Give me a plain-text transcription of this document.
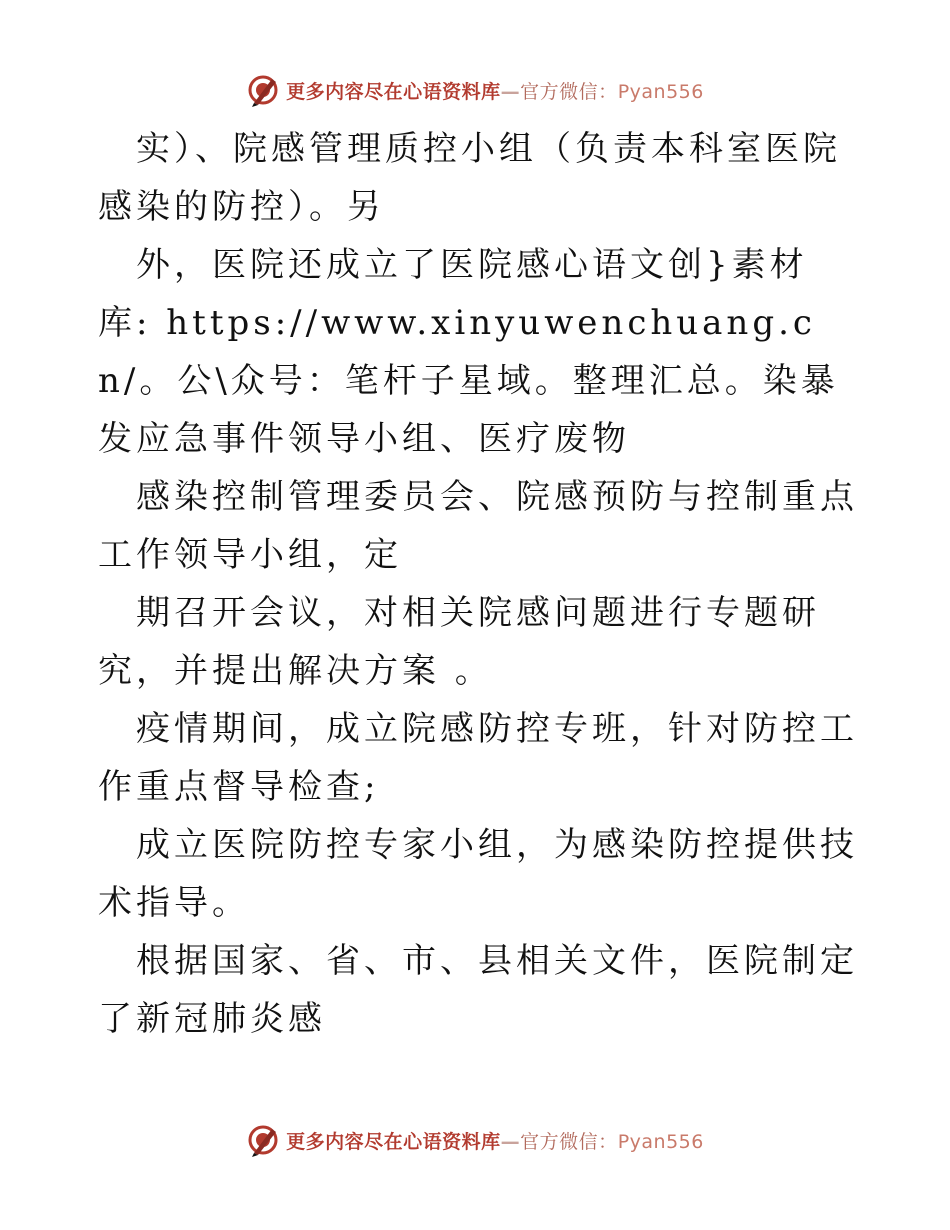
更多内容尽在心语资料库—官方微信：Pyan556

实）、院感管理质控小组（负责本科室医院感染的防控）。另

外，医院还成立了医院感心语文创}素材库: https://www.xinyuwenchuang.cn/。公\众号：笔杆子星域。整理汇总。染暴发应急事件领导小组、医疗废物

感染控制管理委员会、院感预防与控制重点工作领导小组，定

期召开会议，对相关院感问题进行专题研究，并提出解决方案 。

疫情期间，成立院感防控专班，针对防控工作重点督导检查;

成立医院防控专家小组，为感染防控提供技术指导。

根据国家、省、市、县相关文件，医院制定了新冠肺炎感

更多内容尽在心语资料库—官方微信：Pyan556
